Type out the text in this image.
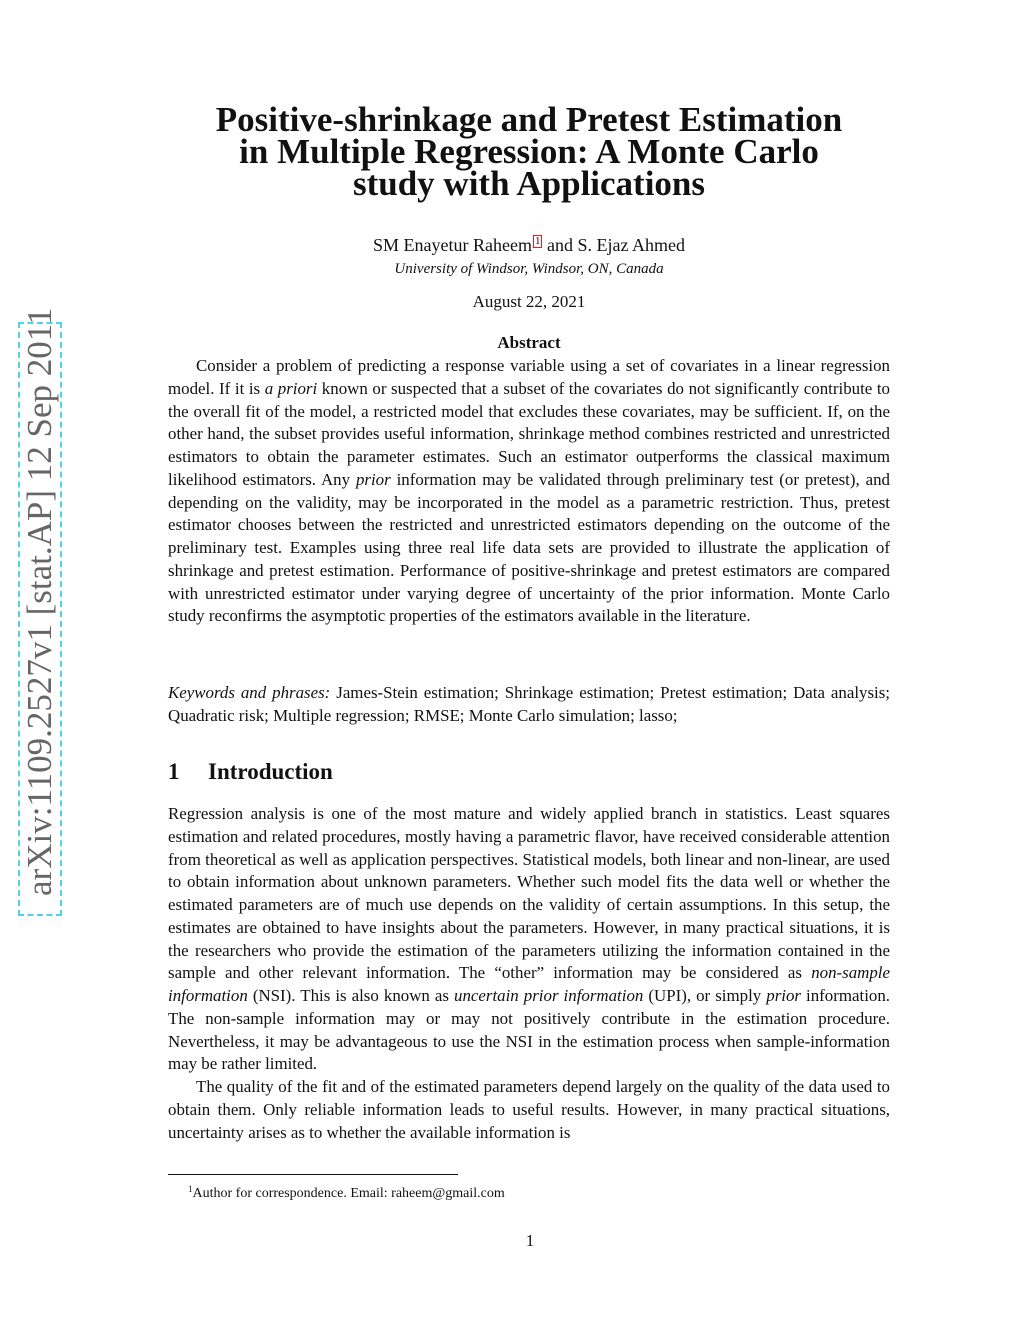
arXiv:1109.2527v1 [stat.AP] 12 Sep 2011
Positive-shrinkage and Pretest Estimation
in Multiple Regression: A Monte Carlo
study with Applications
SM Enayetur Raheem 1 and S. Ejaz Ahmed
University of Windsor, Windsor, ON, Canada
August 22, 2021
Abstract

Consider a problem of predicting a response variable using a set of covariates in a linear regression model. If it is a priori known or suspected that a subset of the covariates do not significantly contribute to the overall fit of the model, a restricted model that excludes these covariates, may be sufficient. If, on the other hand, the subset provides useful information, shrinkage method combines restricted and unrestricted estimators to obtain the parameter estimates. Such an estimator outperforms the classical maximum likelihood estimators. Any prior information may be validated through preliminary test (or pretest), and depending on the validity, may be incorporated in the model as a parametric restriction. Thus, pretest estimator chooses between the restricted and unrestricted estimators depending on the outcome of the preliminary test. Examples using three real life data sets are provided to illustrate the application of shrinkage and pretest estimation. Performance of positive-shrinkage and pretest estimators are compared with unrestricted estimator under varying degree of uncertainty of the prior information. Monte Carlo study reconfirms the asymptotic properties of the estimators available in the literature.

Keywords and phrases: James-Stein estimation; Shrinkage estimation; Pretest estimation; Data analysis; Quadratic risk; Multiple regression; RMSE; Monte Carlo simulation; lasso;

1 Introduction

Regression analysis is one of the most mature and widely applied branch in statistics. Least squares estimation and related procedures, mostly having a parametric flavor, have received considerable attention from theoretical as well as application perspectives. Statistical models, both linear and non-linear, are used to obtain information about unknown parameters. Whether such model fits the data well or whether the estimated parameters are of much use depends on the validity of certain assumptions. In this setup, the estimates are obtained to have insights about the parameters. However, in many practical situations, it is the researchers who provide the estimation of the parameters utilizing the information contained in the sample and other relevant information. The “other” information may be considered as non-sample information (NSI). This is also known as uncertain prior information (UPI), or simply prior information. The non-sample information may or may not positively contribute in the estimation procedure. Nevertheless, it may be advantageous to use the NSI in the estimation process when sample-information may be rather limited.

The quality of the fit and of the estimated parameters depend largely on the quality of the data used to obtain them. Only reliable information leads to useful results. However, in many practical situations, uncertainty arises as to whether the available information is

$^1$Author for correspondence. Email: raheem@gmail.com
1
